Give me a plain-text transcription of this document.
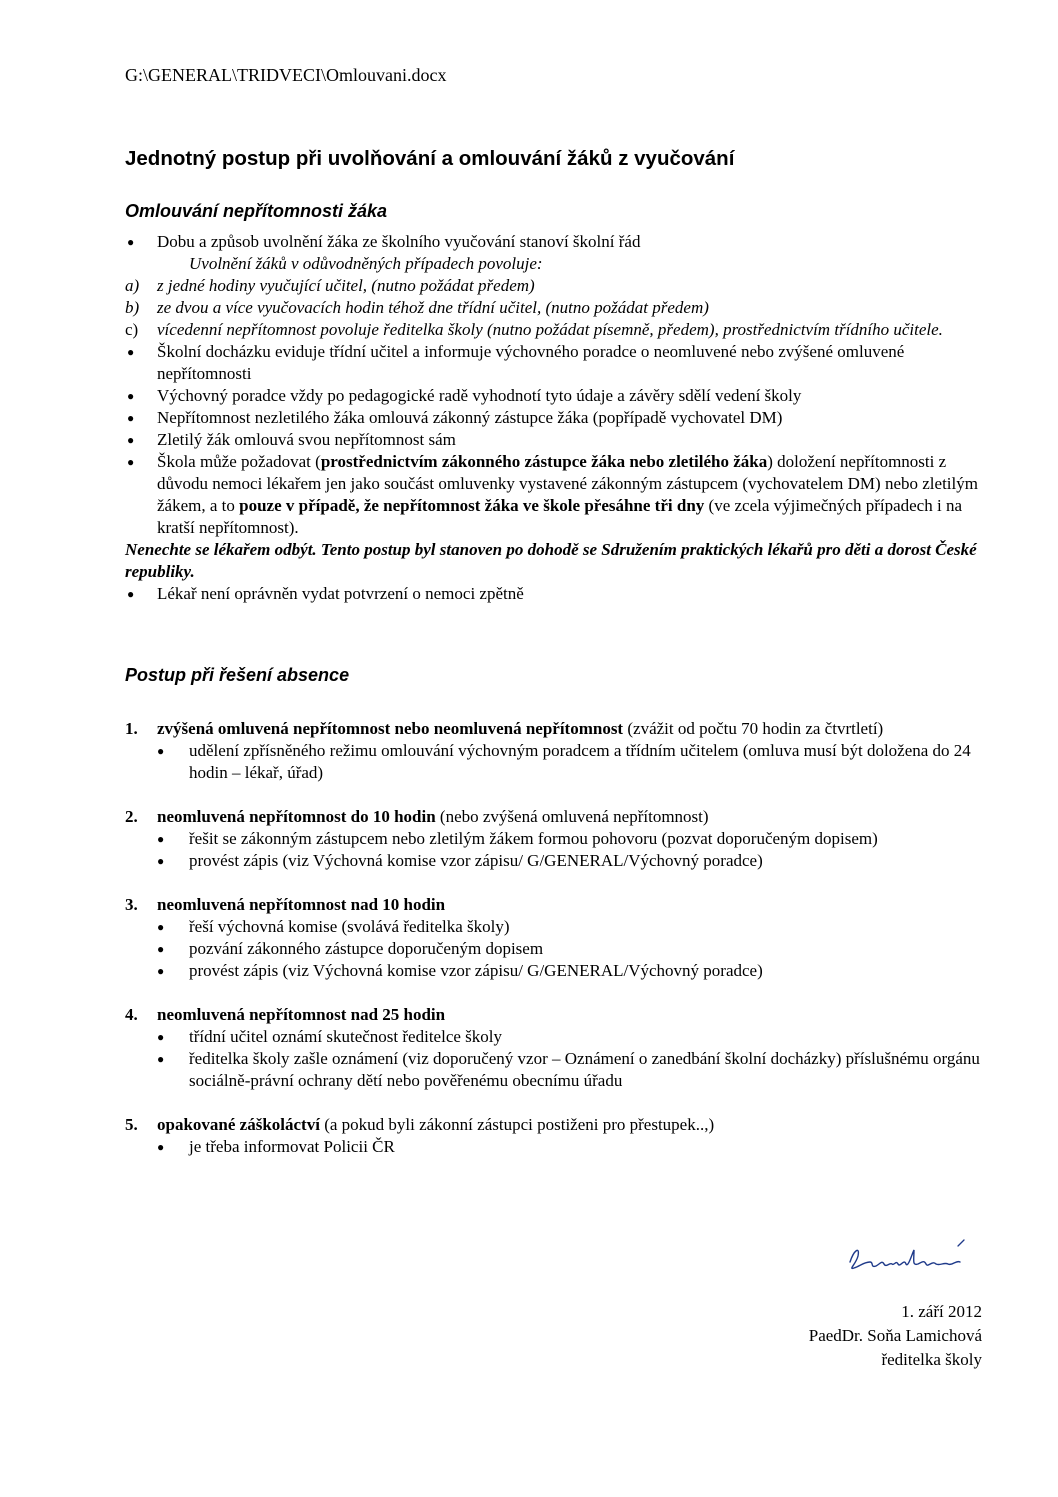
G:\GENERAL\TRIDVECI\Omlouvani.docx
Jednotný postup při uvolňování a omlouvání žáků z vyučování
Omlouvání nepřítomnosti žáka
●	Dobu a způsob uvolnění žáka ze školního vyučování stanoví školní řád
Uvolnění žáků v odůvodněných případech povoluje:
a)	z jedné hodiny vyučující učitel, (nutno požádat předem)
b)	ze dvou a více vyučovacích hodin téhož dne třídní učitel, (nutno požádat předem)
c)	vícedenní nepřítomnost povoluje ředitelka školy (nutno požádat písemně, předem), prostřednictvím třídního učitele.
●	Školní docházku eviduje třídní učitel a informuje výchovného poradce o neomluvené nebo zvýšené omluvené nepřítomnosti
●	Výchovný poradce vždy po pedagogické radě vyhodnotí tyto údaje a závěry sdělí vedení školy
●	Nepřítomnost nezletilého žáka omlouvá zákonný zástupce žáka (popřípadě vychovatel DM)
●	Zletilý žák omlouvá svou nepřítomnost sám
●	Škola může požadovat (prostřednictvím zákonného zástupce žáka nebo zletilého žáka) doložení nepřítomnosti z důvodu nemoci lékařem jen jako součást omluvenky vystavené zákonným zástupcem (vychovatelem DM) nebo zletilým žákem, a to pouze v případě, že nepřítomnost žáka ve škole přesáhne tři dny (ve zcela výjimečných případech i na kratší nepřítomnost).
Nenechte se lékařem odbýt. Tento postup byl stanoven po dohodě se Sdružením praktických lékařů pro děti a dorost České republiky.
●	Lékař není oprávněn vydat potvrzení o nemoci zpětně
Postup při řešení absence
1. zvýšená omluvená nepřítomnost nebo neomluvená nepřítomnost (zvážit od počtu 70 hodin za čtvrtletí)
● udělení zpřísněného režimu omlouvání výchovným poradcem a třídním učitelem (omluva musí být doložena do 24 hodin – lékař, úřad)
2. neomluvená nepřítomnost do 10 hodin (nebo zvýšená omluvená nepřítomnost)
● řešit se zákonným zástupcem nebo zletilým žákem formou pohovoru (pozvat doporučeným dopisem)
● provést zápis (viz Výchovná komise vzor zápisu/ G/GENERAL/Výchovný poradce)
3. neomluvená nepřítomnost nad 10 hodin
● řeší výchovná komise (svolává ředitelka školy)
● pozvání zákonného zástupce doporučeným dopisem
● provést zápis (viz Výchovná komise vzor zápisu/ G/GENERAL/Výchovný poradce)
4. neomluvená nepřítomnost nad 25 hodin
● třídní učitel oznámí skutečnost ředitelce školy
● ředitelka školy zašle oznámení (viz doporučený vzor – Oznámení o zanedbání školní docházky) příslušnému orgánu sociálně-právní ochrany dětí nebo pověřenému obecnímu úřadu
5. opakované záškoláctví (a pokud byli zákonní zástupci postiženi pro přestupek..,)
● je třeba informovat Policii ČR
1. září 2012
PaedDr. Soňa Lamichová
ředitelka školy
